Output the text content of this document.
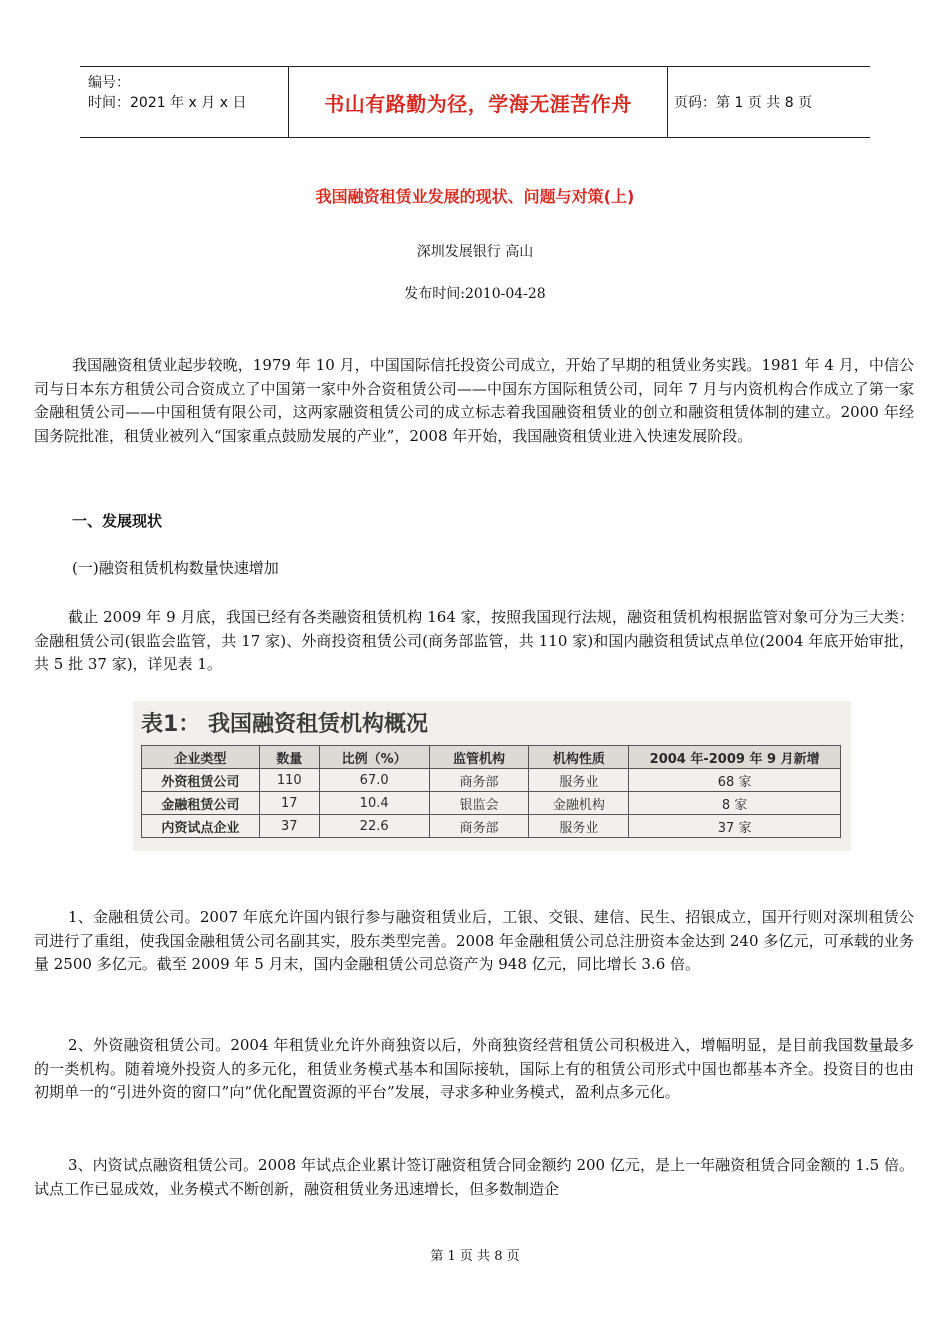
编号：
时间：2021 年 x 月 x 日	书山有路勤为径，学海无涯苦作舟	页码：第 1 页 共 8 页
我国融资租赁业发展的现状、问题与对策(上)
深圳发展银行 高山
发布时间:2010-04-28

我国融资租赁业起步较晚，1979 年 10 月，中国国际信托投资公司成立，开始了早期的租赁业务实践。1981 年 4 月，中信公司与日本东方租赁公司合资成立了中国第一家中外合资租赁公司——中国东方国际租赁公司，同年 7 月与内资机构合作成立了第一家金融租赁公司——中国租赁有限公司，这两家融资租赁公司的成立标志着我国融资租赁业的创立和融资租赁体制的建立。2000 年经国务院批准，租赁业被列入“国家重点鼓励发展的产业”，2008 年开始，我国融资租赁业进入快速发展阶段。

一、发展现状
(一)融资租赁机构数量快速增加

截止 2009 年 9 月底，我国已经有各类融资租赁机构 164 家，按照我国现行法规，融资租赁机构根据监管对象可分为三大类：金融租赁公司(银监会监管，共 17 家)、外商投资租赁公司(商务部监管，共 110 家)和国内融资租赁试点单位(2004 年底开始审批，共 5 批 37 家)，详见表 1。

表1： 我国融资租赁机构概况
企业类型	数量	比例（%）	监管机构	机构性质	2004 年-2009 年 9 月新增
外资租赁公司	110	67.0	商务部	服务业	68 家
金融租赁公司	17	10.4	银监会	金融机构	8 家
内资试点企业	37	22.6	商务部	服务业	37 家

1、金融租赁公司。2007 年底允许国内银行参与融资租赁业后，工银、交银、建信、民生、招银成立，国开行则对深圳租赁公司进行了重组，使我国金融租赁公司名副其实，股东类型完善。2008 年金融租赁公司总注册资本金达到 240 多亿元，可承载的业务量 2500 多亿元。截至 2009 年 5 月末，国内金融租赁公司总资产为 948 亿元，同比增长 3.6 倍。

2、外资融资租赁公司。2004 年租赁业允许外商独资以后，外商独资经营租赁公司积极进入，增幅明显，是目前我国数量最多的一类机构。随着境外投资人的多元化，租赁业务模式基本和国际接轨，国际上有的租赁公司形式中国也都基本齐全。投资目的也由初期单一的“引进外资的窗口”向“优化配置资源的平台”发展，寻求多种业务模式，盈利点多元化。

3、内资试点融资租赁公司。2008 年试点企业累计签订融资租赁合同金额约 200 亿元，是上一年融资租赁合同金额的 1.5 倍。试点工作已显成效，业务模式不断创新，融资租赁业务迅速增长，但多数制造企

第 1 页 共 8 页
